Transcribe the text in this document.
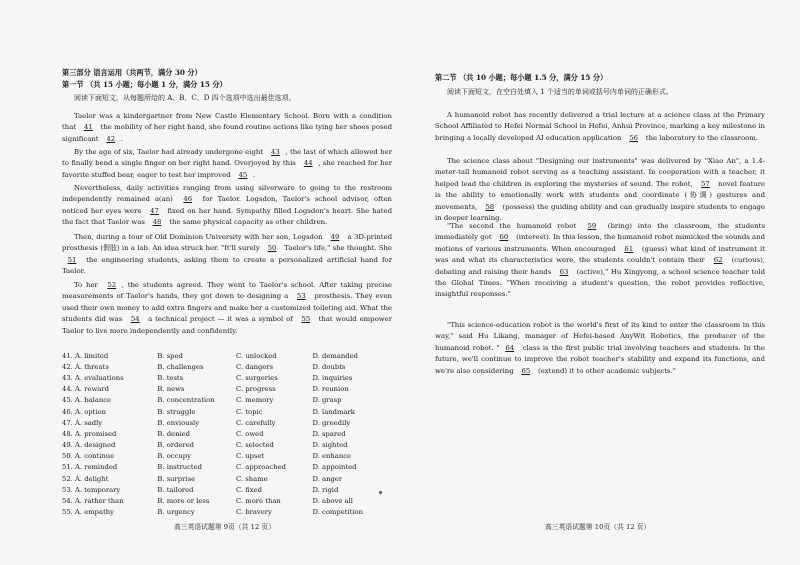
第三部分 语言运用（共两节，满分 30 分）
第一节 （共 15 小题；每小题 1 分，满分 15 分）
阅读下面短文，从每题所给的 A、B、C、D 四个选项中选出最佳选项。

Taelor was a kindergartner from New Castle Elementary School. Born with a condition that 41 the mobility of her right hand, she found routine actions like tying her shoes posed significant 42 .

By the age of six, Taelor had already undergone eight 43 , the last of which allowed her to finally bend a single finger on her right hand. Overjoyed by this 44 , she reached for her favorite stuffed bear, eager to test her improved 45 .

Nevertheless, daily activities ranging from using silverware to going to the restroom independently remained a(an) 46 for Taelor. Logsdon, Taelor's school advisor, often noticed her eyes were 47 fixed on her hand. Sympathy filled Logsdon's heart. She hated the fact that Taelor was 48 the same physical capacity as other children.

Then, during a tour of Old Dominion University with her son, Logsdon 49 a 3D-printed prosthesis (假肢) in a lab. An idea struck her. "It'll surely 50 Taelor's life," she thought. She 51 the engineering students, asking them to create a personalized artificial hand for Taelor.

To her 52 , the students agreed. They went to Taelor's school. After taking precise measurements of Taelor's hands, they got down to designing a 53 prosthesis. They even used their own money to add extra fingers and make her a customized toileting aid. What the students did was 54 a technical project — it was a symbol of 55 that would empower Taelor to live more independently and confidently.

41. A. limited	B. sped	C. unlocked	D. demanded
42. A. threats	B. challenges	C. dangers	D. doubts
43. A. evaluations	B. tests	C. surgeries	D. inquiries
44. A. reward	B. news	C. progress	D. reunion
45. A. balance	B. concentration	C. memory	D. grasp
46. A. option	B. struggle	C. topic	D. landmark
47. A. sadly	B. enviously	C. carefully	D. greedily
48. A. promised	B. denied	C. owed	D. spared
49. A. designed	B. ordered	C. selected	D. sighted
50. A. continue	B. occupy	C. upset	D. enhance
51. A. reminded	B. instructed	C. approached	D. appointed
52. A. delight	B. surprise	C. shame	D. anger
53. A. temporary	B. tailored	C. fixed	D. rigid
54. A. rather than	B. more or less	C. more than	D. above all
55. A. empathy	B. urgency	C. bravery	D. competition
高三英语试题第 9页（共 12 页）
第二节 （共 10 小题；每小题 1.5 分，满分 15 分）
阅读下面短文，在空白处填入 1 个适当的单词或括号内单词的正确形式。

A humanoid robot has recently delivered a trial lecture at a science class at the Primary School Affiliated to Hefei Normal School in Hefei, Anhui Province, marking a key milestone in bringing a locally developed AI education application 56 the laboratory to the classroom.

The science class about "Designing our instruments" was delivered by "Xiao An", a 1.4-meter-tall humanoid robot serving as a teaching assistant. In cooperation with a teacher, it helped lead the children in exploring the mysteries of sound. The robot, 57 novel feature is the ability to emotionally work with students and coordinate (协调) gestures and movements, 58 (possess) the guiding ability and can gradually inspire students to engage in deeper learning.

"The second the humanoid robot 59 (bring) into the classroom, the students immediately got 60 (interest). In this lesson, the humanoid robot mimicked the sounds and motions of various instruments. When encouraged 61 (guess) what kind of instrument it was and what its characteristics were, the students couldn't contain their 62 (curious), debating and raising their hands 63 (active)," Hu Xingyong, a school science teacher told the Global Times. "When receiving a student's question, the robot provides reflective, insightful responses."

"This science-education robot is the world's first of its kind to enter the classroom in this way," said Hu Likang, manager of Hefei-based AnyWit Robotics, the producer of the humanoid robot. " 64 class is the first public trial involving teachers and students. In the future, we'll continue to improve the robot teacher's stability and expand its functions, and we're also considering 65 (extend) it to other academic subjects."

高三英语试题第 10页（共 12 页）
